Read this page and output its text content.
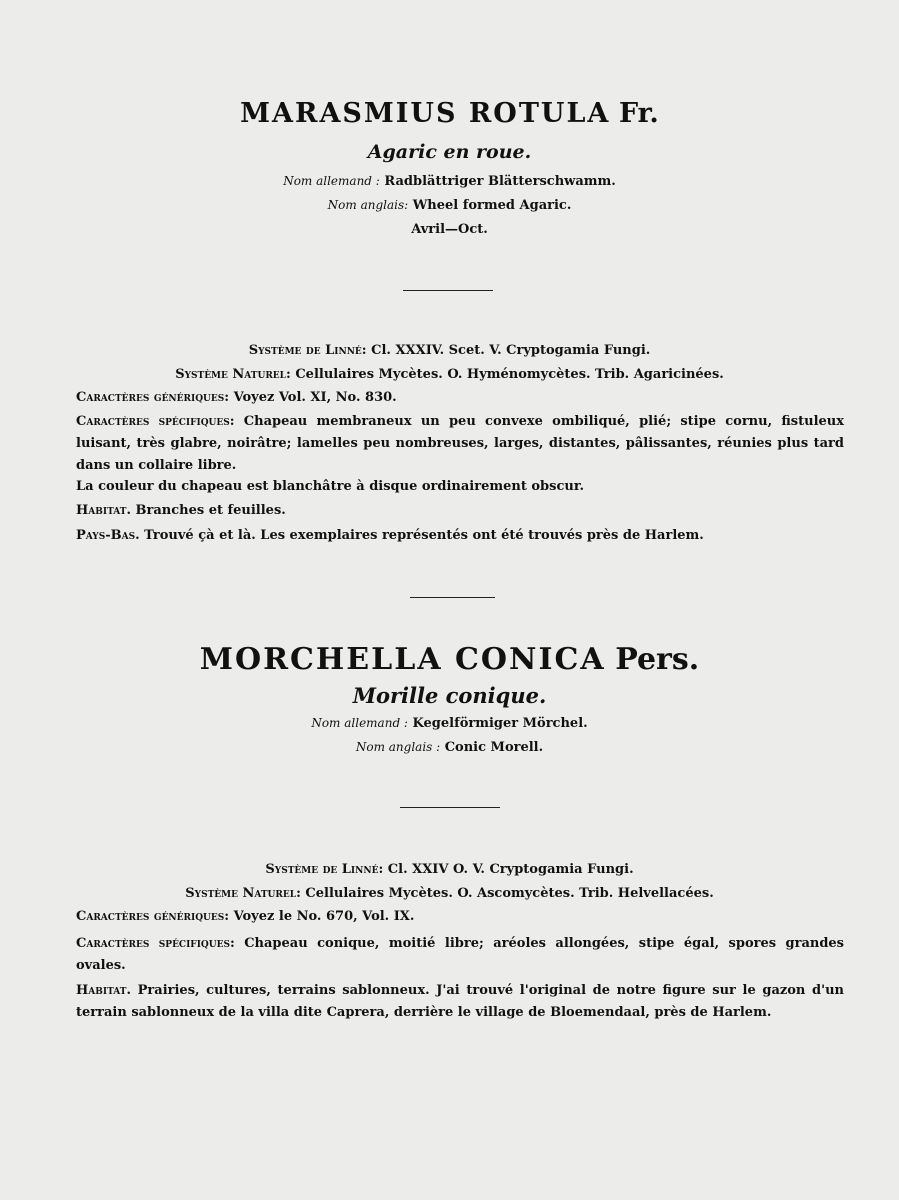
MARASMIUS ROTULA Fr.
Agaric en roue.
Nom allemand : Radblättriger Blätterschwamm.
Nom anglais: Wheel formed Agaric.
Avril—Oct.
Système de Linné: Cl. XXXIV. Scet. V. Cryptogamia Fungi.
Système Naturel: Cellulaires Mycètes. O. Hyménomycètes. Trib. Agaricinées.
Caractères génériques: Voyez Vol. XI, No. 830.
Caractères spécifiques: Chapeau membraneux un peu convexe ombiliqué, plié; stipe cornu, fistuleux luisant, très glabre, noirâtre; lamelles peu nombreuses, larges, distantes, pâlissantes, réunies plus tard dans un collaire libre.
La couleur du chapeau est blanchâtre à disque ordinairement obscur.
Habitat. Branches et feuilles.
Pays-Bas. Trouvé çà et là. Les exemplaires représentés ont été trouvés près de Harlem.
MORCHELLA CONICA Pers.
Morille conique.
Nom allemand : Kegelförmiger Mörchel.
Nom anglais : Conic Morell.
Système de Linné: Cl. XXIV O. V. Cryptogamia Fungi.
Système Naturel: Cellulaires Mycètes. O. Ascomycètes. Trib. Helvellacées.
Caractères génériques: Voyez le No. 670, Vol. IX.
Caractères spécifiques: Chapeau conique, moitié libre; aréoles allongées, stipe égal, spores grandes ovales.
Habitat. Prairies, cultures, terrains sablonneux. J'ai trouvé l'original de notre figure sur le gazon d'un terrain sablonneux de la villa dite Caprera, derrière le village de Bloemendaal, près de Harlem.
